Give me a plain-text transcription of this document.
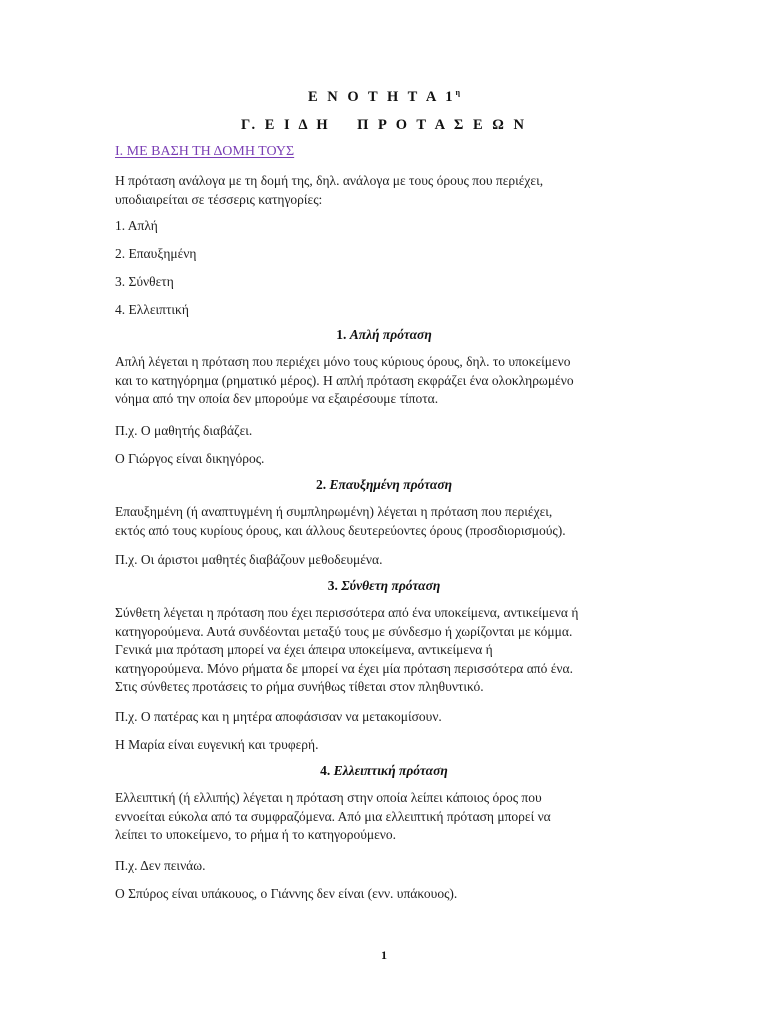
Ε Ν Ο Τ Η Τ Α $1^\eta$
Γ. Ε Ι Δ Η    Π Ρ Ο Τ Α Σ Ε Ω Ν
Ι. ΜΕ ΒΑΣΗ ΤΗ ΔΟΜΗ ΤΟΥΣ
Η πρόταση ανάλογα με τη δομή της, δηλ. ανάλογα με τους όρους που περιέχει,
υποδιαιρείται σε τέσσερις κατηγορίες:
1. Απλή
2. Επαυξημένη
3. Σύνθετη
4. Ελλειπτική
1. Απλή πρόταση
Απλή λέγεται η πρόταση που περιέχει μόνο τους κύριους όρους, δηλ. το υποκείμενο
και το κατηγόρημα (ρηματικό μέρος). Η απλή πρόταση εκφράζει ένα ολοκληρωμένο
νόημα από την οποία δεν μπορούμε να εξαιρέσουμε τίποτα.
Π.χ. Ο μαθητής διαβάζει.
Ο Γιώργος είναι δικηγόρος.
2. Επαυξημένη πρόταση
Επαυξημένη (ή αναπτυγμένη ή συμπληρωμένη) λέγεται η πρόταση που περιέχει,
εκτός από τους κυρίους όρους, και άλλους δευτερεύοντες όρους (προσδιορισμούς).
Π.χ. Οι άριστοι μαθητές διαβάζουν μεθοδευμένα.
3. Σύνθετη πρόταση
Σύνθετη λέγεται η πρόταση που έχει περισσότερα από ένα υποκείμενα, αντικείμενα ή
κατηγορούμενα. Αυτά συνδέονται μεταξύ τους με σύνδεσμο ή χωρίζονται με κόμμα.
Γενικά μια πρόταση μπορεί να έχει άπειρα υποκείμενα, αντικείμενα ή
κατηγορούμενα. Μόνο ρήματα δε μπορεί να έχει μία πρόταση περισσότερα από ένα.
Στις σύνθετες προτάσεις το ρήμα συνήθως τίθεται στον πληθυντικό.
Π.χ. Ο πατέρας και η μητέρα αποφάσισαν να μετακομίσουν.
Η Μαρία είναι ευγενική και τρυφερή.
4. Ελλειπτική πρόταση
Ελλειπτική (ή ελλιπής) λέγεται η πρόταση στην οποία λείπει κάποιος όρος που
εννοείται εύκολα από τα συμφραζόμενα. Από μια ελλειπτική πρόταση μπορεί να
λείπει το υποκείμενο, το ρήμα ή το κατηγορούμενο.
Π.χ. Δεν πεινάω.
Ο Σπύρος είναι υπάκουος, ο Γιάννης δεν είναι (ενν. υπάκουος).
1
